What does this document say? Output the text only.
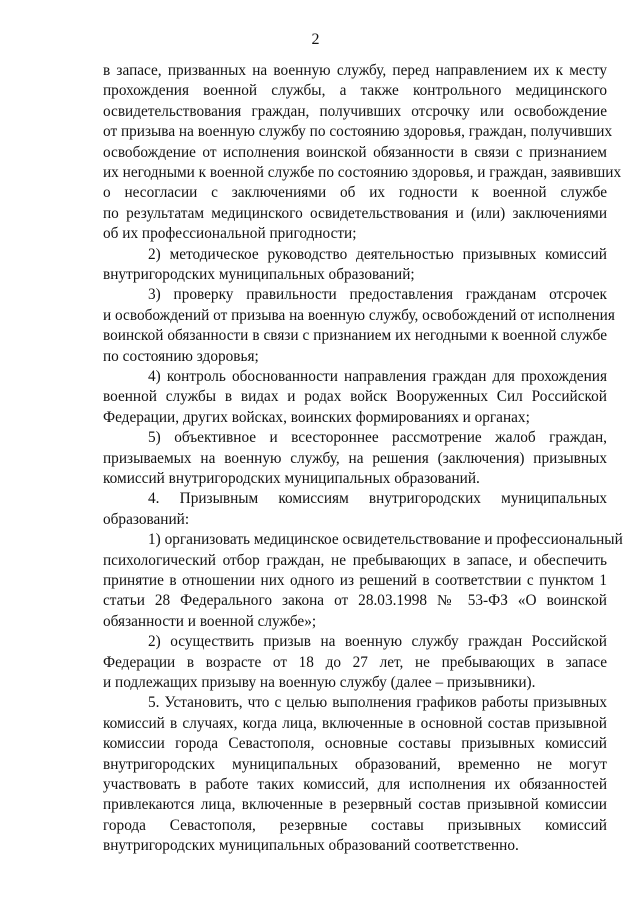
2
в запасе, призванных на военную службу, перед направлением их к месту
прохождения военной службы, а также контрольного медицинского
освидетельствования граждан, получивших отсрочку или освобождение
от призыва на военную службу по состоянию здоровья, граждан, получивших
освобождение от исполнения воинской обязанности в связи с признанием
их негодными к военной службе по состоянию здоровья, и граждан, заявивших
о несогласии с заключениями об их годности к военной службе
по результатам медицинского освидетельствования и (или) заключениями
об их профессиональной пригодности;
2) методическое руководство деятельностью призывных комиссий
внутригородских муниципальных образований;
3) проверку правильности предоставления гражданам отсрочек
и освобождений от призыва на военную службу, освобождений от исполнения
воинской обязанности в связи с признанием их негодными к военной службе
по состоянию здоровья;
4) контроль обоснованности направления граждан для прохождения
военной службы в видах и родах войск Вооруженных Сил Российской
Федерации, других войсках, воинских формированиях и органах;
5) объективное и всестороннее рассмотрение жалоб граждан,
призываемых на военную службу, на решения (заключения) призывных
комиссий внутригородских муниципальных образований.
4. Призывным комиссиям внутригородских муниципальных
образований:
1) организовать медицинское освидетельствование и профессиональный
психологический отбор граждан, не пребывающих в запасе, и обеспечить
принятие в отношении них одного из решений в соответствии с пунктом 1
статьи 28 Федерального закона от 28.03.1998 № 53-ФЗ «О воинской
обязанности и военной службе»;
2) осуществить призыв на военную службу граждан Российской
Федерации в возрасте от 18 до 27 лет, не пребывающих в запасе
и подлежащих призыву на военную службу (далее – призывники).
5. Установить, что с целью выполнения графиков работы призывных
комиссий в случаях, когда лица, включенные в основной состав призывной
комиссии города Севастополя, основные составы призывных комиссий
внутригородских муниципальных образований, временно не могут
участвовать в работе таких комиссий, для исполнения их обязанностей
привлекаются лица, включенные в резервный состав призывной комиссии
города Севастополя, резервные составы призывных комиссий
внутригородских муниципальных образований соответственно.
